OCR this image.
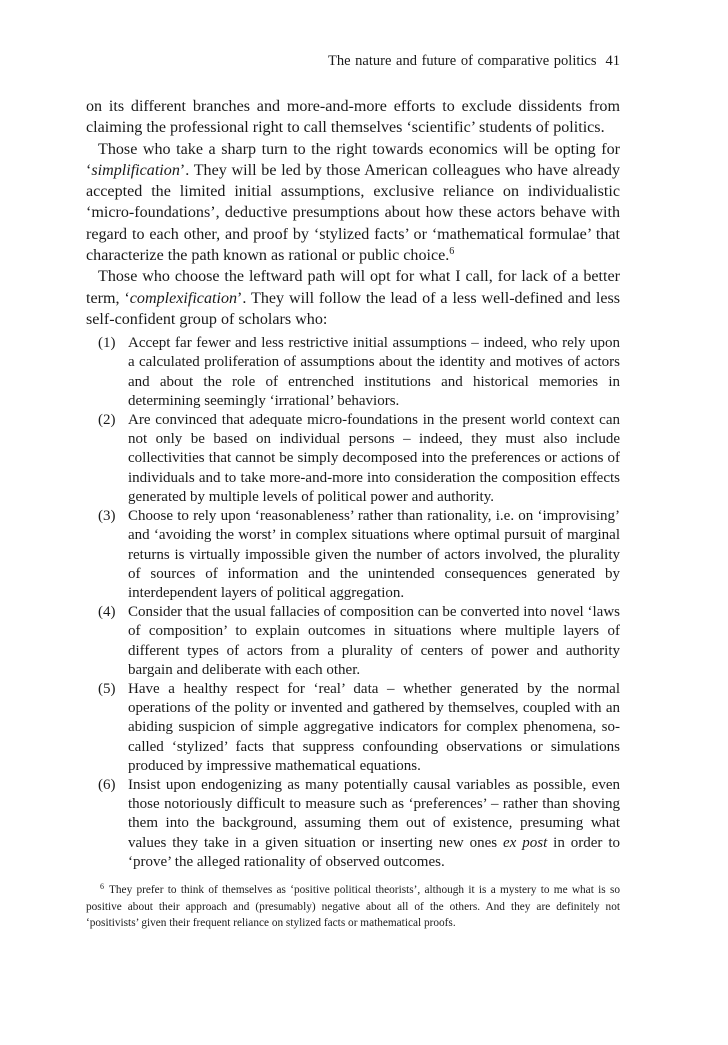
The nature and future of comparative politics 41

on its different branches and more-and-more efforts to exclude dissidents from claiming the professional right to call themselves ‘scientific’ students of politics.

Those who take a sharp turn to the right towards economics will be opting for ‘simplification’. They will be led by those American colleagues who have already accepted the limited initial assumptions, exclusive reliance on individualistic ‘micro-foundations’, deductive presumptions about how these actors behave with regard to each other, and proof by ‘stylized facts’ or ‘mathematical formulae’ that characterize the path known as rational or public choice.$^6$

Those who choose the leftward path will opt for what I call, for lack of a better term, ‘complexification’. They will follow the lead of a less well-defined and less self-confident group of scholars who:

(1) Accept far fewer and less restrictive initial assumptions – indeed, who rely upon a calculated proliferation of assumptions about the identity and motives of actors and about the role of entrenched institutions and historical memories in determining seemingly ‘irrational’ behaviors.
(2) Are convinced that adequate micro-foundations in the present world context can not only be based on individual persons – indeed, they must also include collectivities that cannot be simply decomposed into the preferences or actions of individuals and to take more-and-more into consideration the composition effects generated by multiple levels of political power and authority.
(3) Choose to rely upon ‘reasonableness’ rather than rationality, i.e. on ‘improvising’ and ‘avoiding the worst’ in complex situations where optimal pursuit of marginal returns is virtually impossible given the number of actors involved, the plurality of sources of information and the unintended consequences generated by interdependent layers of political aggregation.
(4) Consider that the usual fallacies of composition can be converted into novel ‘laws of composition’ to explain outcomes in situations where multiple layers of different types of actors from a plurality of centers of power and authority bargain and deliberate with each other.
(5) Have a healthy respect for ‘real’ data – whether generated by the normal operations of the polity or invented and gathered by themselves, coupled with an abiding suspicion of simple aggregative indicators for complex phenomena, so-called ‘stylized’ facts that suppress confounding observations or simulations produced by impressive mathematical equations.
(6) Insist upon endogenizing as many potentially causal variables as possible, even those notoriously difficult to measure such as ‘preferences’ – rather than shoving them into the background, assuming them out of existence, presuming what values they take in a given situation or inserting new ones ex post in order to ‘prove’ the alleged rationality of observed outcomes.

$^6$ They prefer to think of themselves as ‘positive political theorists’, although it is a mystery to me what is so positive about their approach and (presumably) negative about all of the others. And they are definitely not ‘positivists’ given their frequent reliance on stylized facts or mathematical proofs.
